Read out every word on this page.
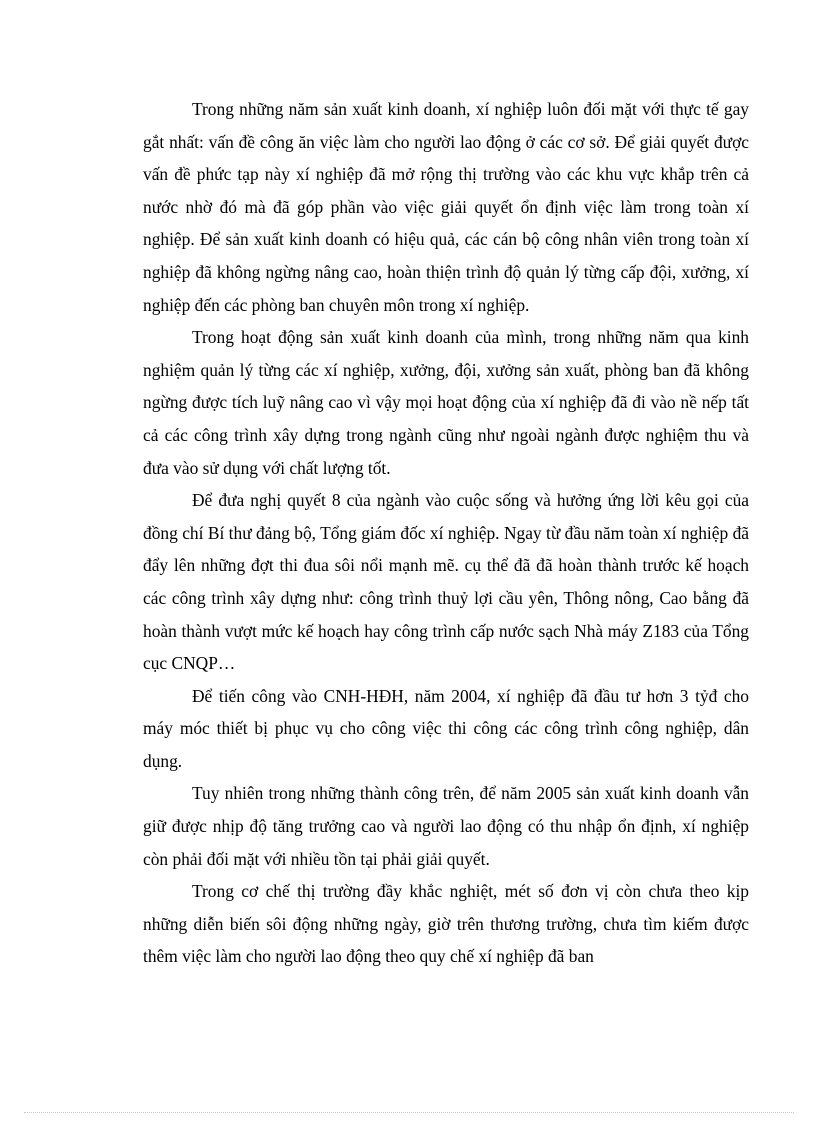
Trong những năm sản xuất kinh doanh, xí nghiệp luôn đối mặt với thực tế gay gắt nhất: vấn đề công ăn việc làm cho người lao động ở các cơ sở. Để giải quyết được vấn đề phức tạp này xí nghiệp đã mở rộng thị trường vào các khu vực khắp trên cả nước nhờ đó mà đã góp phần vào việc giải quyết ổn định việc làm trong toàn xí nghiệp. Để sản xuất kinh doanh có hiệu quả, các cán bộ công nhân viên trong toàn xí nghiệp đã không ngừng nâng cao, hoàn thiện trình độ quản lý từng cấp đội, xưởng, xí nghiệp đến các phòng ban chuyên môn trong xí nghiệp.

Trong hoạt động sản xuất kinh doanh của mình, trong những năm qua kinh nghiệm quản lý từng các xí nghiệp, xưởng, đội, xưởng sản xuất, phòng ban đã không ngừng được tích luỹ nâng cao vì vậy mọi hoạt động của xí nghiệp đã đi vào nề nếp tất cả các công trình xây dựng trong ngành cũng như ngoài ngành được nghiệm thu và đưa vào sử dụng với chất lượng tốt.

Để đưa nghị quyết 8 của ngành vào cuộc sống và hưởng ứng lời kêu gọi của đồng chí Bí thư đảng bộ, Tổng giám đốc xí nghiệp. Ngay từ đầu năm toàn xí nghiệp đã đẩy lên những đợt thi đua sôi nổi mạnh mẽ. cụ thể đã đã hoàn thành trước kế hoạch các công trình xây dựng như: công trình thuỷ lợi cầu yên, Thông nông, Cao bằng đã hoàn thành vượt mức kế hoạch hay công trình cấp nước sạch Nhà máy Z183 của Tổng cục CNQP…

Để tiến công vào CNH-HĐH, năm 2004, xí nghiệp đã đầu tư hơn 3 tỷđ cho máy móc thiết bị phục vụ cho công việc thi công các công trình công nghiệp, dân dụng.

Tuy nhiên trong những thành công trên, để năm 2005 sản xuất kinh doanh vẫn giữ được nhịp độ tăng trưởng cao và người lao động có thu nhập ổn định, xí nghiệp còn phải đối mặt với nhiều tồn tại phải giải quyết.

Trong cơ chế thị trường đầy khắc nghiệt, mét số đơn vị còn chưa theo kịp những diễn biến sôi động những ngày, giờ trên thương trường, chưa tìm kiếm được thêm việc làm cho người lao động theo quy chế xí nghiệp đã ban
